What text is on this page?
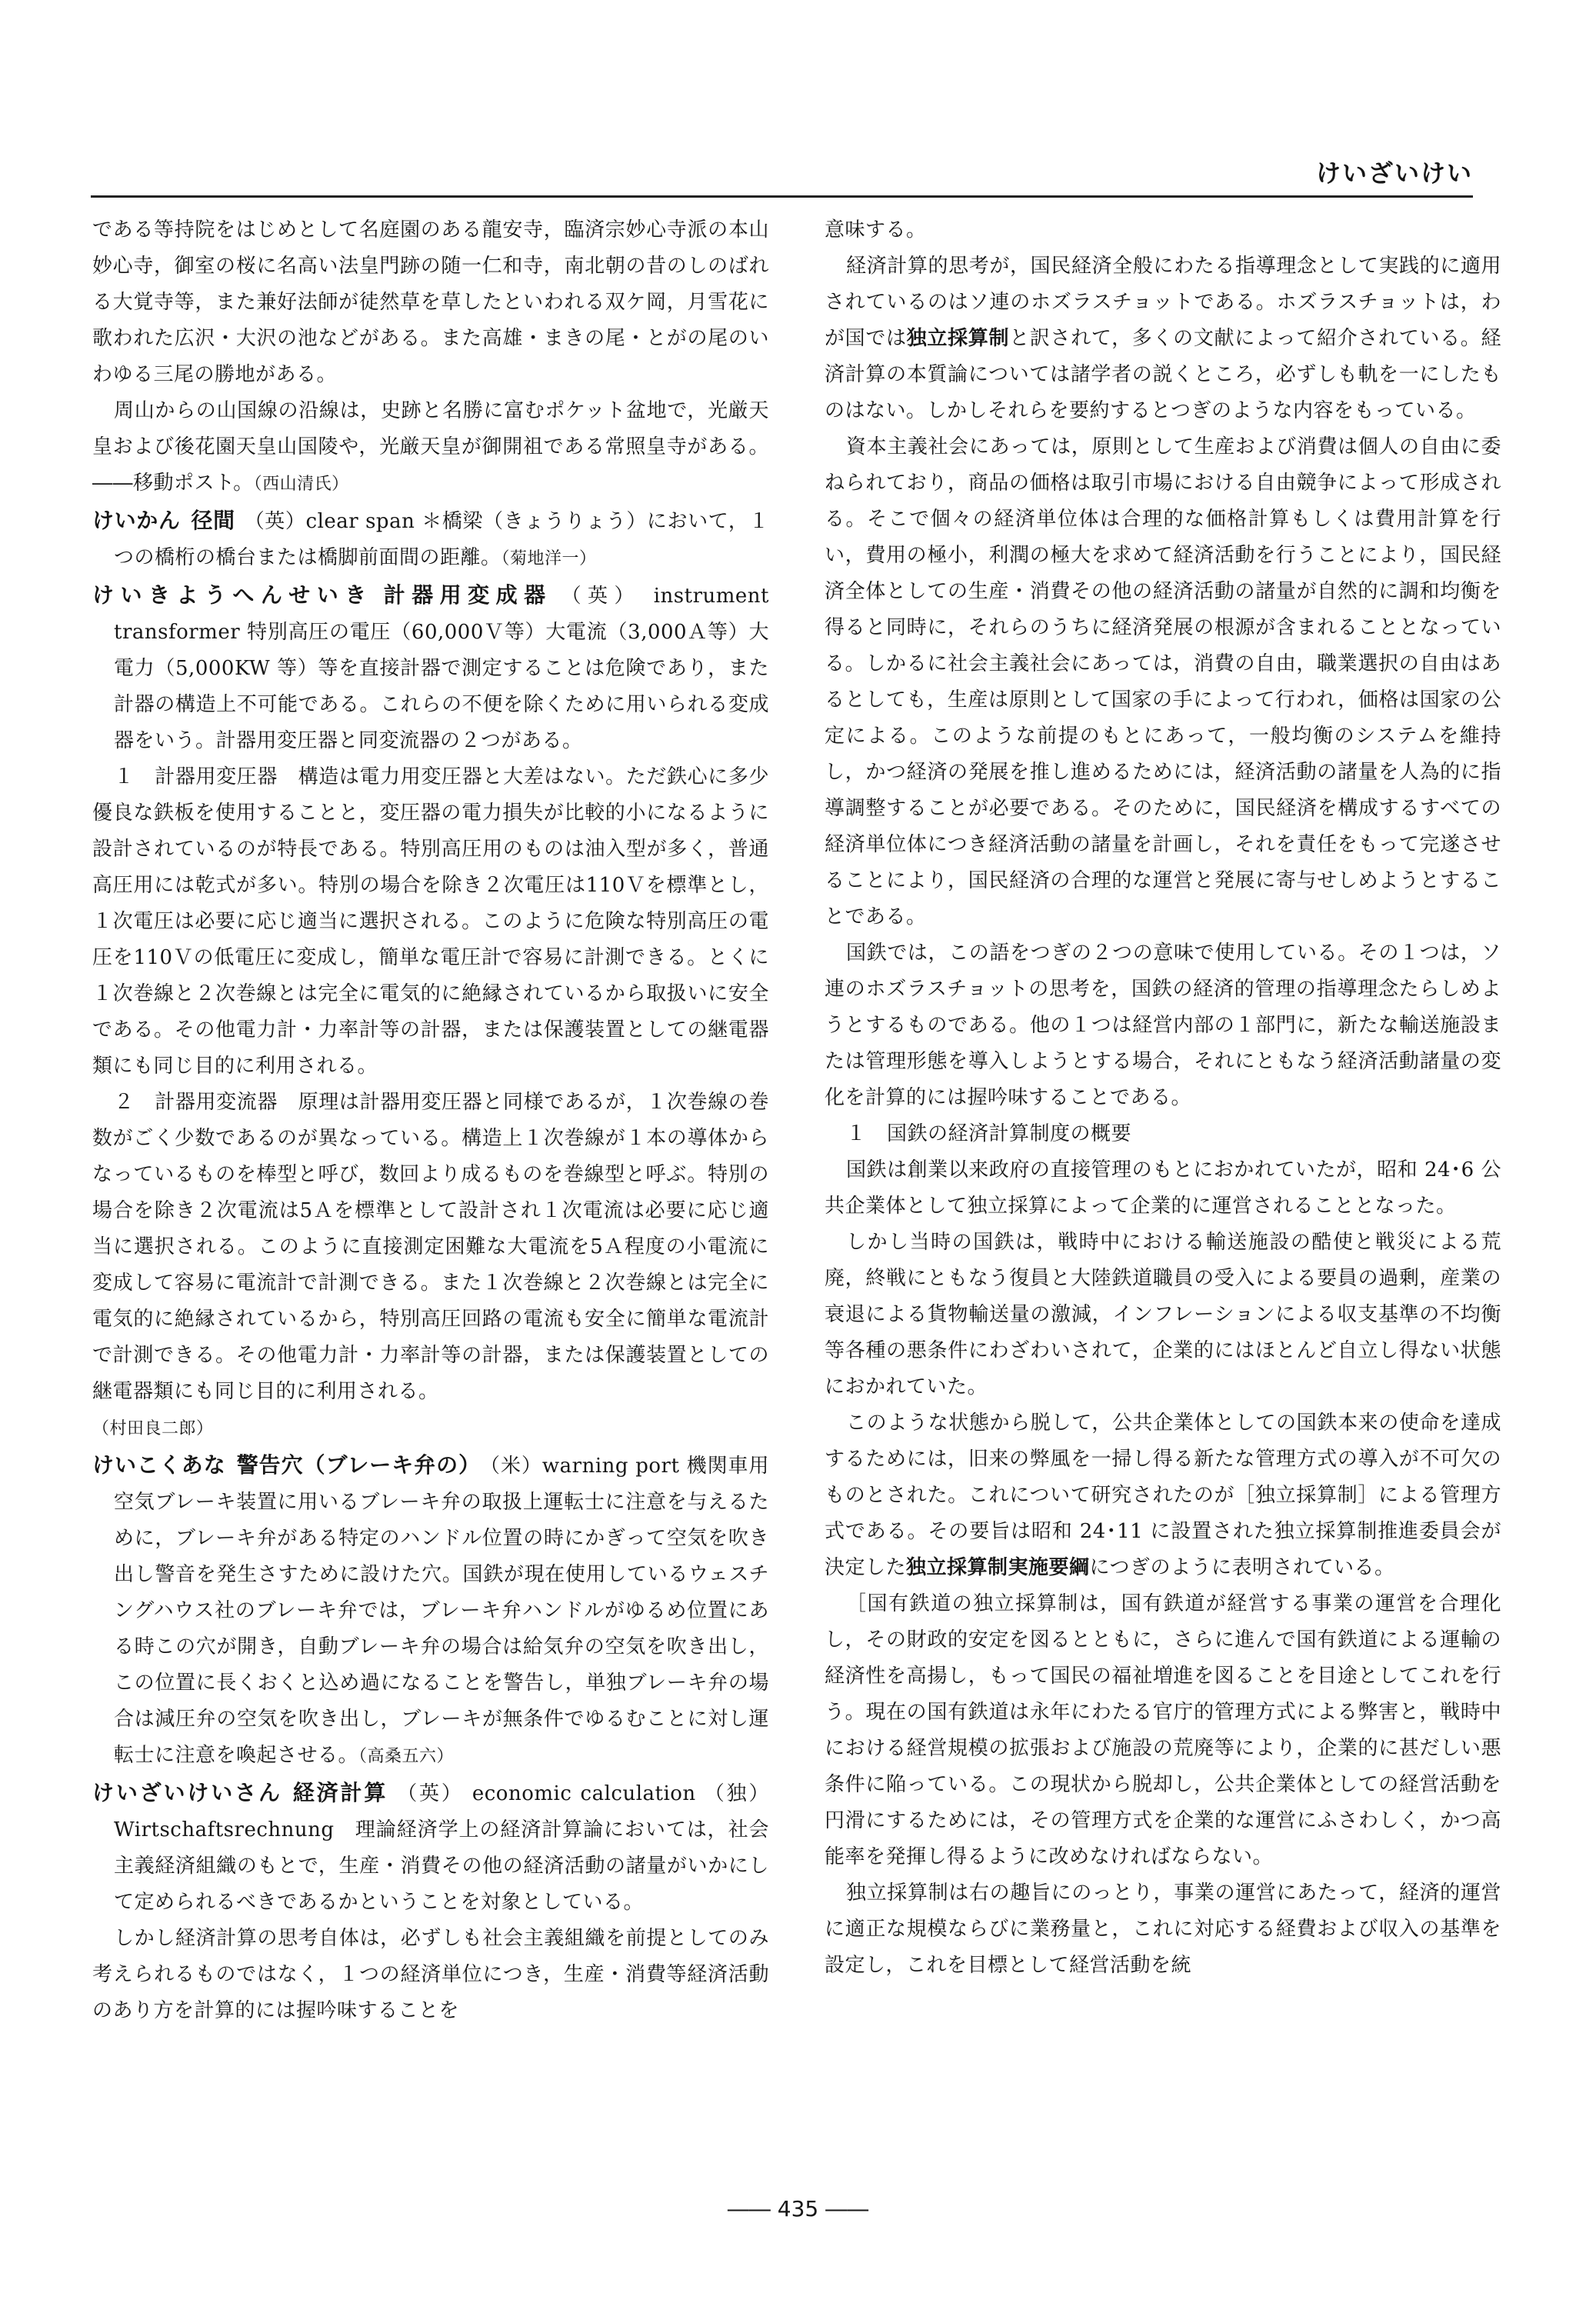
けいざいけい

である等持院をはじめとして名庭園のある龍安寺，臨済宗妙心寺派の本山妙心寺，御室の桜に名高い法皇門跡の随一仁和寺，南北朝の昔のしのばれる大覚寺等，また兼好法師が徒然草を草したといわれる双ケ岡，月雪花に歌われた広沢・大沢の池などがある。また高雄・まきの尾・とがの尾のいわゆる三尾の勝地がある。

周山からの山国線の沿線は，史跡と名勝に富むポケット盆地で，光厳天皇および後花園天皇山国陵や，光厳天皇が御開祖である常照皇寺がある。――移動ポスト。（西山清氏）

けいかん 径間 （英）clear span ＊橋梁（きょうりょう）において，１つの橋桁の橋台または橋脚前面間の距離。（菊地洋一）

けいきようへんせいき 計器用変成器 （英） instrument transformer 特別高圧の電圧（60,000Ｖ等）大電流（3,000Ａ等）大電力（5,000KW 等）等を直接計器で測定することは危険であり，また計器の構造上不可能である。これらの不便を除くために用いられる変成器をいう。計器用変圧器と同変流器の２つがある。

１　計器用変圧器　構造は電力用変圧器と大差はない。ただ鉄心に多少優良な鉄板を使用することと，変圧器の電力損失が比較的小になるように設計されているのが特長である。特別高圧用のものは油入型が多く，普通高圧用には乾式が多い。特別の場合を除き２次電圧は110Ｖを標準とし，１次電圧は必要に応じ適当に選択される。このように危険な特別高圧の電圧を110Ｖの低電圧に変成し，簡単な電圧計で容易に計測できる。とくに１次巻線と２次巻線とは完全に電気的に絶縁されているから取扱いに安全である。その他電力計・力率計等の計器，または保護装置としての継電器類にも同じ目的に利用される。

２　計器用変流器　原理は計器用変圧器と同様であるが，１次巻線の巻数がごく少数であるのが異なっている。構造上１次巻線が１本の導体からなっているものを棒型と呼び，数回より成るものを巻線型と呼ぶ。特別の場合を除き２次電流は5Ａを標準として設計され１次電流は必要に応じ適当に選択される。このように直接測定困難な大電流を5Ａ程度の小電流に変成して容易に電流計で計測できる。また１次巻線と２次巻線とは完全に電気的に絶縁されているから，特別高圧回路の電流も安全に簡単な電流計で計測できる。その他電力計・力率計等の計器，または保護装置としての継電器類にも同じ目的に利用される。

（村田良二郎）

けいこくあな 警告穴（ブレーキ弁の） （米）warning port 機関車用空気ブレーキ装置に用いるブレーキ弁の取扱上運転士に注意を与えるために，ブレーキ弁がある特定のハンドル位置の時にかぎって空気を吹き出し警音を発生さすために設けた穴。国鉄が現在使用しているウェスチングハウス社のブレーキ弁では，ブレーキ弁ハンドルがゆるめ位置にある時この穴が開き，自動ブレーキ弁の場合は給気弁の空気を吹き出し，この位置に長くおくと込め過になることを警告し，単独ブレーキ弁の場合は減圧弁の空気を吹き出し，ブレーキが無条件でゆるむことに対し運転士に注意を喚起させる。（高桑五六）

けいざいけいさん 経済計算 （英） economic calculation （独）Wirtschaftsrechnung　理論経済学上の経済計算論においては，社会主義経済組織のもとで，生産・消費その他の経済活動の諸量がいかにして定められるべきであるかということを対象としている。

しかし経済計算の思考自体は，必ずしも社会主義組織を前提としてのみ考えられるものではなく，１つの経済単位につき，生産・消費等経済活動のあり方を計算的には握吟味することを

意味する。

経済計算的思考が，国民経済全般にわたる指導理念として実践的に適用されているのはソ連のホズラスチョットである。ホズラスチョットは，わが国では独立採算制と訳されて，多くの文献によって紹介されている。経済計算の本質論については諸学者の説くところ，必ずしも軌を一にしたものはない。しかしそれらを要約するとつぎのような内容をもっている。

資本主義社会にあっては，原則として生産および消費は個人の自由に委ねられており，商品の価格は取引市場における自由競争によって形成される。そこで個々の経済単位体は合理的な価格計算もしくは費用計算を行い，費用の極小，利潤の極大を求めて経済活動を行うことにより，国民経済全体としての生産・消費その他の経済活動の諸量が自然的に調和均衡を得ると同時に，それらのうちに経済発展の根源が含まれることとなっている。しかるに社会主義社会にあっては，消費の自由，職業選択の自由はあるとしても，生産は原則として国家の手によって行われ，価格は国家の公定による。このような前提のもとにあって，一般均衡のシステムを維持し，かつ経済の発展を推し進めるためには，経済活動の諸量を人為的に指導調整することが必要である。そのために，国民経済を構成するすべての経済単位体につき経済活動の諸量を計画し，それを責任をもって完遂させることにより，国民経済の合理的な運営と発展に寄与せしめようとすることである。

国鉄では，この語をつぎの２つの意味で使用している。その１つは，ソ連のホズラスチョットの思考を，国鉄の経済的管理の指導理念たらしめようとするものである。他の１つは経営内部の１部門に，新たな輸送施設または管理形態を導入しようとする場合，それにともなう経済活動諸量の変化を計算的には握吟味することである。

１　国鉄の経済計算制度の概要

国鉄は創業以来政府の直接管理のもとにおかれていたが，昭和 24･6 公共企業体として独立採算によって企業的に運営されることとなった。

しかし当時の国鉄は，戦時中における輸送施設の酷使と戦災による荒廃，終戦にともなう復員と大陸鉄道職員の受入による要員の過剰，産業の衰退による貨物輸送量の激減，インフレーションによる収支基準の不均衡等各種の悪条件にわざわいされて，企業的にはほとんど自立し得ない状態におかれていた。

このような状態から脱して，公共企業体としての国鉄本来の使命を達成するためには，旧来の弊風を一掃し得る新たな管理方式の導入が不可欠のものとされた。これについて研究されたのが［独立採算制］による管理方式である。その要旨は昭和 24･11 に設置された独立採算制推進委員会が決定した独立採算制実施要綱につぎのように表明されている。

［国有鉄道の独立採算制は，国有鉄道が経営する事業の運営を合理化し，その財政的安定を図るとともに，さらに進んで国有鉄道による運輸の経済性を高揚し，もって国民の福祉増進を図ることを目途としてこれを行う。現在の国有鉄道は永年にわたる官庁的管理方式による弊害と，戦時中における経営規模の拡張および施設の荒廃等により，企業的に甚だしい悪条件に陥っている。この現状から脱却し，公共企業体としての経営活動を円滑にするためには，その管理方式を企業的な運営にふさわしく，かつ高能率を発揮し得るように改めなければならない。

独立採算制は右の趣旨にのっとり，事業の運営にあたって，経済的運営に適正な規模ならびに業務量と，これに対応する経費および収入の基準を設定し，これを目標として経営活動を統

―― 435 ――
